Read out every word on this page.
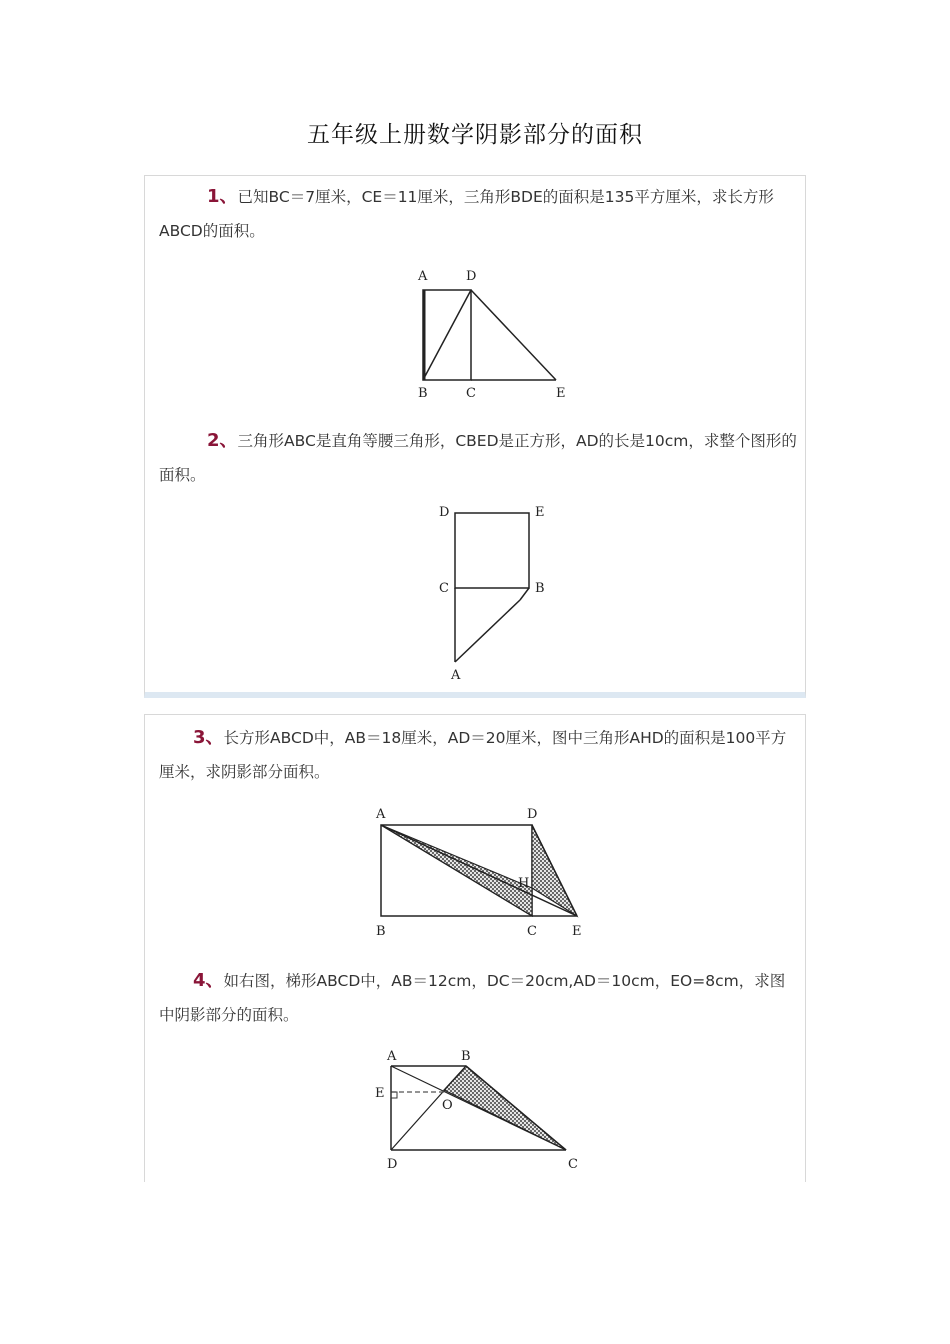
五年级上册数学阴影部分的面积
1、已知BC＝7厘米，CE＝11厘米，三角形BDE的面积是135平方厘米，求长方形ABCD的面积。
A	D
B	C	E
2、三角形ABC是直角等腰三角形，CBED是正方形，AD的长是10cm，求整个图形的面积。
D	E
C	B
A
3、长方形ABCD中，AB＝18厘米，AD＝20厘米，图中三角形AHD的面积是100平方厘米，求阴影部分面积。
A	D
H
B	C	E
4、如右图，梯形ABCD中，AB＝12cm，DC＝20cm,AD＝10cm，EO=8cm，求图中阴影部分的面积。
A	B
E
O
D	C
